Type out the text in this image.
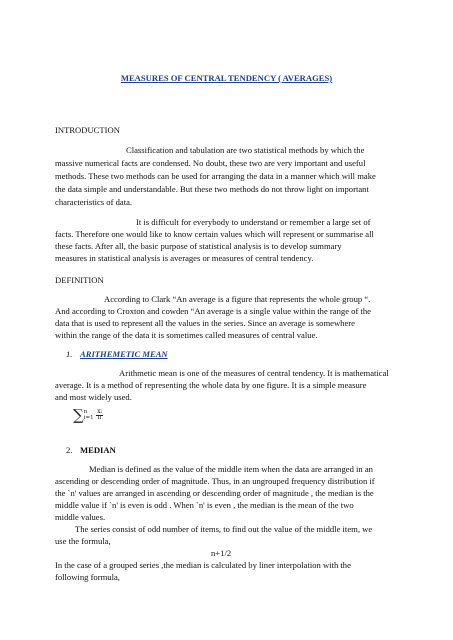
MEASURES OF CENTRAL TENDENCY ( AVERAGES)
INTRODUCTION
Classification and tabulation are two statistical methods by which the
massive numerical facts are condensed. No doubt, these two are very important and useful
methods. These two methods can be used for arranging the data in a manner which will make
the data simple and understandable. But these two methods do not throw light on important
characteristics of data.
It is difficult for everybody to understand or remember a large set of
facts. Therefore one would like to know certain values which will represent or summarise all
these facts. After all, the basic purpose of statistical analysis is to develop summary
measures in statistical analysis is averages or measures of central tendency.
DEFINITION
According to Clark “An average is a figure that represents the whole group “.
And according to Croxton and cowden “An average is a single value within the range of the
data that is used to represent all the values in the series. Since an average is somewhere
within the range of the data it is sometimes called measures of central value.
1. ARITHEMETIC MEAN
Arithmetic mean is one of the measures of central tendency. It is mathematical
average. It is a method of representing the whole data by one figure. It is a simple measure
and most widely used.
∑n
i=1 xᵢ
n
2. MEDIAN
Median is defined as the value of the middle item when the data are arranged in an
ascending or descending order of magnitude. Thus, in an ungrouped frequency distribution if
the `n' values are arranged in ascending or descending order of magnitude , the median is the
middle value if `n' is even is odd . When `n' is even , the median is the mean of the two
middle values.
The series consist of odd number of items, to find out the value of the middle item, we
use the formula,
n+1/2
In the case of a grouped series ,the median is calculated by liner interpolation with the
following formula,
